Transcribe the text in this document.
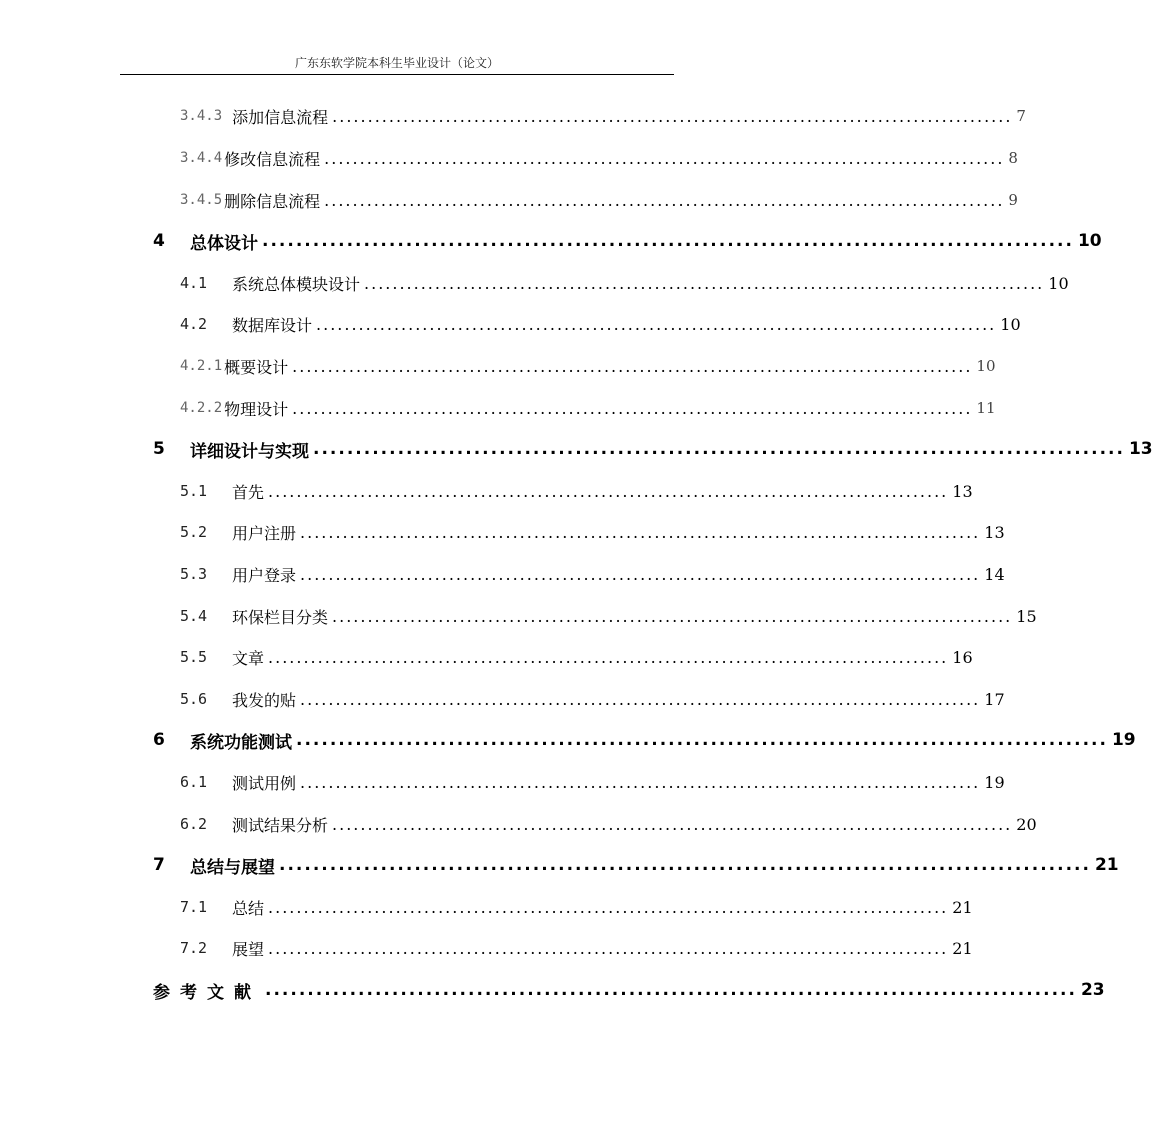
广东东软学院本科生毕业设计（论文）
3.4.3 添加信息流程 ................................................................................................ 7
3.4.4 修改信息流程 ................................................................................................ 8
3.4.5 删除信息流程 ................................................................................................ 9
4	总体设计 ................................................................................................ 10
4.1	系统总体模块设计 ................................................................................................ 10
4.2	数据库设计 ................................................................................................ 10
4.2.1 概要设计 ................................................................................................ 10
4.2.2 物理设计 ................................................................................................ 11
5	详细设计与实现 ................................................................................................ 13
5.1	首先 ................................................................................................ 13
5.2	用户注册 ................................................................................................ 13
5.3	用户登录 ................................................................................................ 14
5.4	环保栏目分类 ................................................................................................ 15
5.5	文章 ................................................................................................ 16
5.6	我发的贴 ................................................................................................ 17
6	系统功能测试 ................................................................................................ 19
6.1	测试用例 ................................................................................................ 19
6.2	测试结果分析 ................................................................................................ 20
7	总结与展望 ................................................................................................ 21
7.1	总结 ................................................................................................ 21
7.2	展望 ................................................................................................ 21
参考文献 ................................................................................................ 23
